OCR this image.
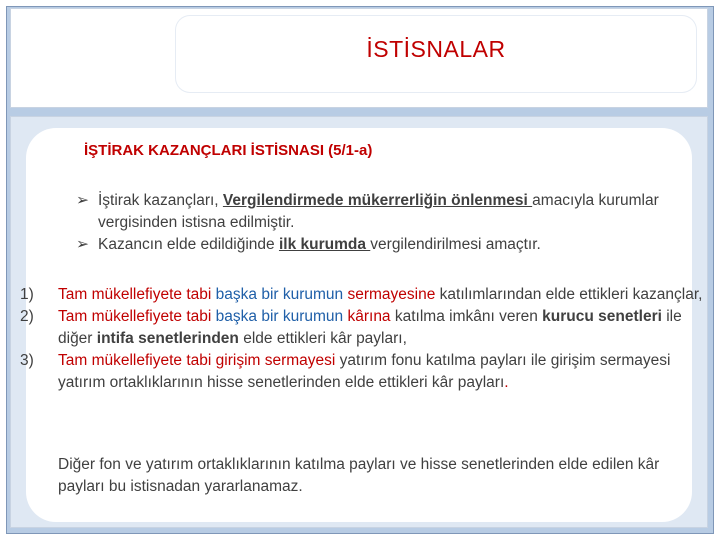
İSTİSNALAR
İŞTİRAK KAZANÇLARI İSTİSNASI (5/1-a)
➢ İştirak kazançları, Vergilendirmede mükerrerliğin önlenmesi amacıyla kurumlar vergisinden istisna edilmiştir.
➢ Kazancın elde edildiğinde ilk kurumda vergilendirilmesi amaçtır.
1)	Tam mükellefiyete tabi başka bir kurumun sermayesine katılımlarından elde ettikleri kazançlar,
2)	Tam mükellefiyete tabi başka bir kurumun kârına katılma imkânı veren kurucu senetleri ile diğer intifa senetlerinden elde ettikleri kâr payları,
3)	Tam mükellefiyete tabi girişim sermayesi yatırım fonu katılma payları ile girişim sermayesi yatırım ortaklıklarının hisse senetlerinden elde ettikleri kâr payları.
Diğer fon ve yatırım ortaklıklarının katılma payları ve hisse senetlerinden elde edilen kâr payları bu istisnadan yararlanamaz.
